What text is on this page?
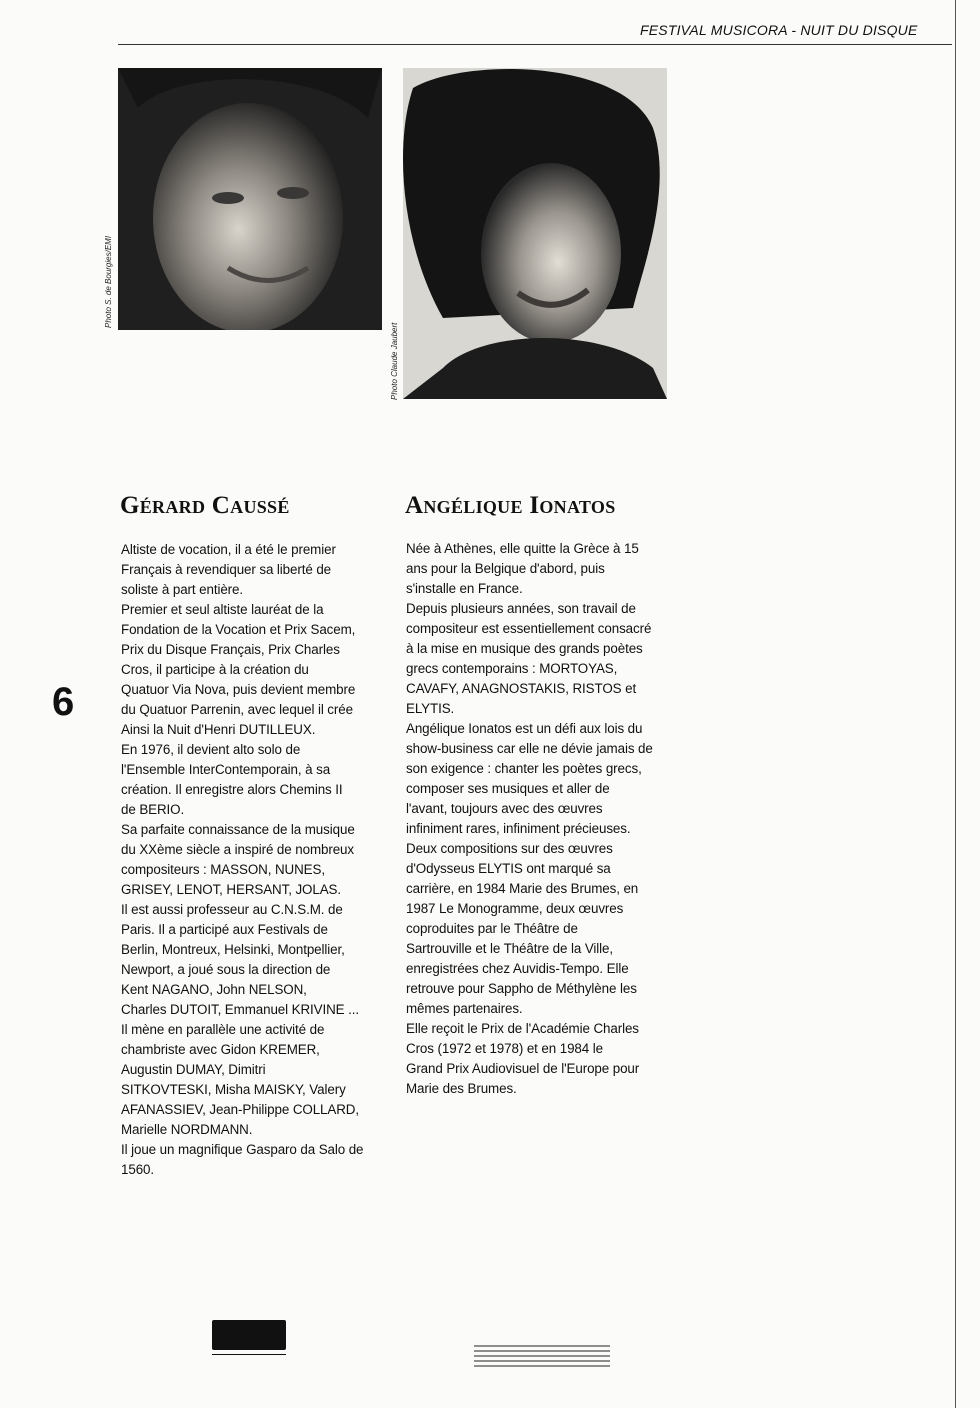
FESTIVAL MUSICORA - NUIT DU DISQUE
Photo S. de Bourgies/EMI
Photo Claude Jaubert
Gérard Caussé	Angélique Ionatos
Altiste de vocation, il a été le premier
Français à revendiquer sa liberté de
soliste à part entière.
Premier et seul altiste lauréat de la
Fondation de la Vocation et Prix Sacem,
Prix du Disque Français, Prix Charles
Cros, il participe à la création du
Quatuor Via Nova, puis devient membre
du Quatuor Parrenin, avec lequel il crée
Ainsi la Nuit d'Henri DUTILLEUX.
En 1976, il devient alto solo de
l'Ensemble InterContemporain, à sa
création. Il enregistre alors Chemins II
de BERIO.
Sa parfaite connaissance de la musique
du XXème siècle a inspiré de nombreux
compositeurs : MASSON, NUNES,
GRISEY, LENOT, HERSANT, JOLAS.
Il est aussi professeur au C.N.S.M. de
Paris. Il a participé aux Festivals de
Berlin, Montreux, Helsinki, Montpellier,
Newport, a joué sous la direction de
Kent NAGANO, John NELSON,
Charles DUTOIT, Emmanuel KRIVINE ...
Il mène en parallèle une activité de
chambriste avec Gidon KREMER,
Augustin DUMAY, Dimitri
SITKOVTESKI, Misha MAISKY, Valery
AFANASSIEV, Jean-Philippe COLLARD,
Marielle NORDMANN.
Il joue un magnifique Gasparo da Salo de
1560.
Née à Athènes, elle quitte la Grèce à 15
ans pour la Belgique d'abord, puis
s'installe en France.
Depuis plusieurs années, son travail de
compositeur est essentiellement consacré
à la mise en musique des grands poètes
grecs contemporains : MORTOYAS,
CAVAFY, ANAGNOSTAKIS, RISTOS et
ELYTIS.
Angélique Ionatos est un défi aux lois du
show-business car elle ne dévie jamais de
son exigence : chanter les poètes grecs,
composer ses musiques et aller de
l'avant, toujours avec des œuvres
infiniment rares, infiniment précieuses.
Deux compositions sur des œuvres
d'Odysseus ELYTIS ont marqué sa
carrière, en 1984 Marie des Brumes, en
1987 Le Monogramme, deux œuvres
coproduites par le Théâtre de
Sartrouville et le Théâtre de la Ville,
enregistrées chez Auvidis-Tempo. Elle
retrouve pour Sappho de Méthylène les
mêmes partenaires.
Elle reçoit le Prix de l'Académie Charles
Cros (1972 et 1978) et en 1984 le
Grand Prix Audiovisuel de l'Europe pour
Marie des Brumes.
6
